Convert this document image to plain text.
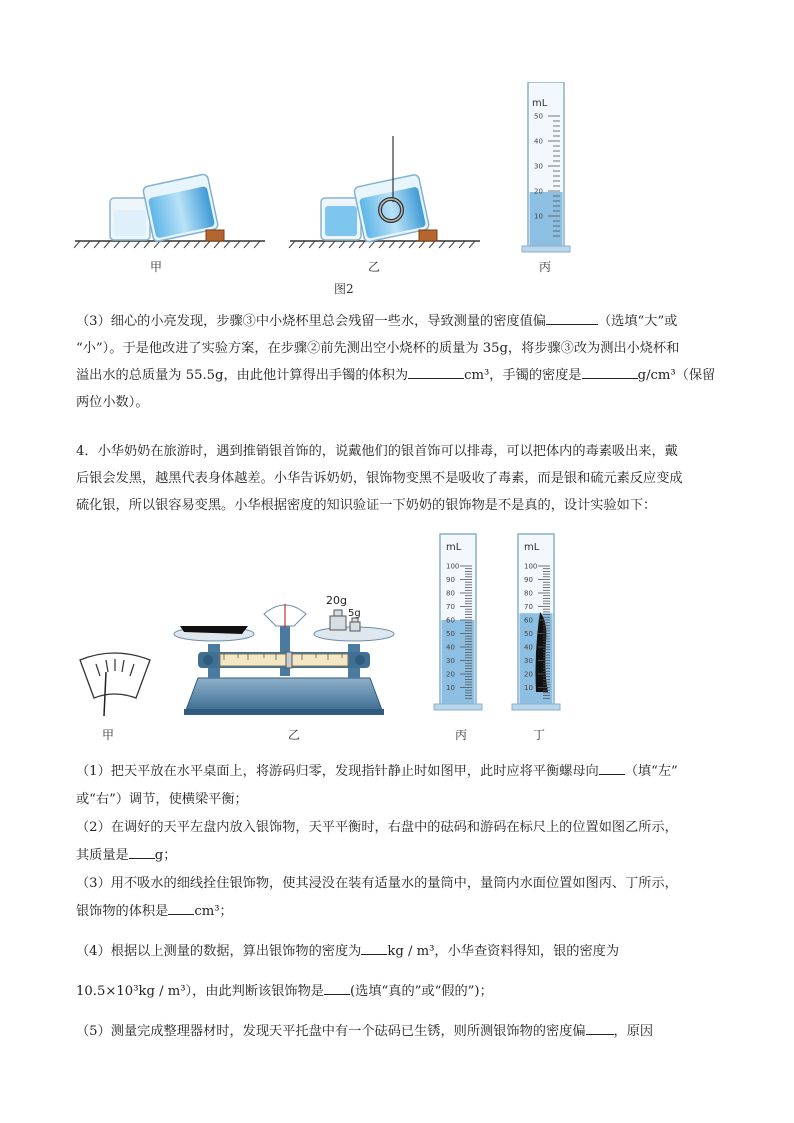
甲	乙
图2
mL
50
40
30
20
10
丙
（3）细心的小亮发现，步骤③中小烧杯里总会残留一些水，导致测量的密度值偏	（选填“大”或
“小”）。于是他改进了实验方案，在步骤②前先测出空小烧杯的质量为 35g，将步骤③改为测出小烧杯和
溢出水的总质量为 55.5g，由此他计算得出手镯的体积为	cm³，手镯的密度是	g/cm³（保留
两位小数）。
4．小华奶奶在旅游时，遇到推销银首饰的，说戴他们的银首饰可以排毒，可以把体内的毒素吸出来，戴
后银会发黑，越黑代表身体越差。小华告诉奶奶，银饰物变黑不是吸收了毒素，而是银和硫元素反应变成
硫化银，所以银容易变黑。小华根据密度的知识验证一下奶奶的银饰物是不是真的，设计实验如下：
甲
20g
5g
乙
mL
100
90
80
70
60
50
40
30
20
10
丙
mL
100
90
80
70
60
50
40
30
20
10
丁
（1）把天平放在水平桌面上，将游码归零，发现指针静止时如图甲，此时应将平衡螺母向 （填“左”
或“右”）调节，使横梁平衡；
（2）在调好的天平左盘内放入银饰物，天平平衡时，右盘中的砝码和游码在标尺上的位置如图乙所示，
其质量是 g；
（3）用不吸水的细线拴住银饰物，使其浸没在装有适量水的量筒中，量筒内水面位置如图丙、丁所示，
银饰物的体积是 cm³；
（4）根据以上测量的数据，算出银饰物的密度为 kg / m³，小华查资料得知，银的密度为
10.5×10³kg / m³），由此判断该银饰物是 (选填“真的”或“假的”)；
（5）测量完成整理器材时，发现天平托盘中有一个砝码已生锈，则所测银饰物的密度偏 ，原因
